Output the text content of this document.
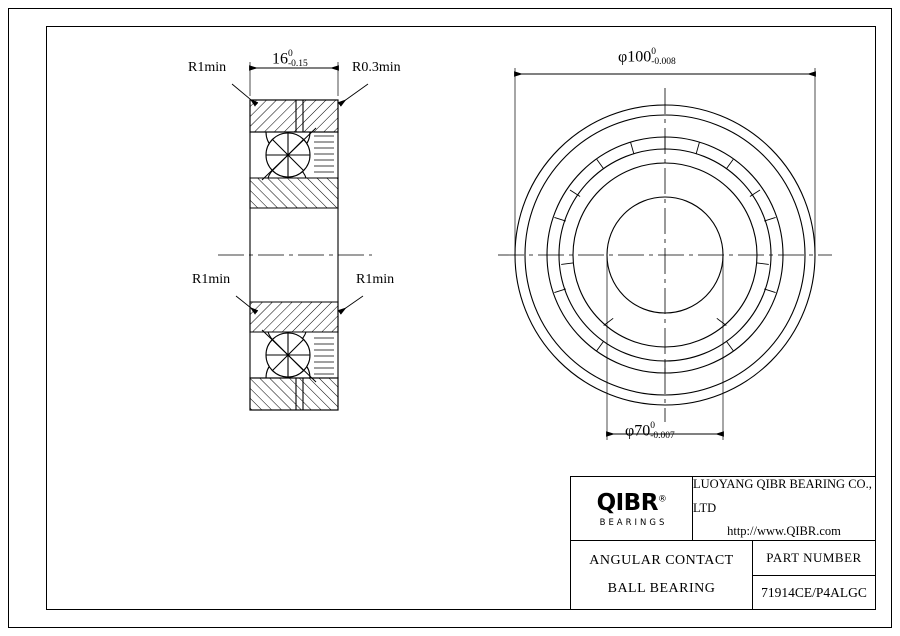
16 0
-0.15
R1min	R0.3min
R1min	R1min
φ100 0
-0.008
φ70 0
-0.007
QIBR®
BEARINGS
LUOYANG QIBR BEARING CO., LTD
http://www.QIBR.com
ANGULAR CONTACT
BALL BEARING
PART NUMBER
71914CE/P4ALGC
